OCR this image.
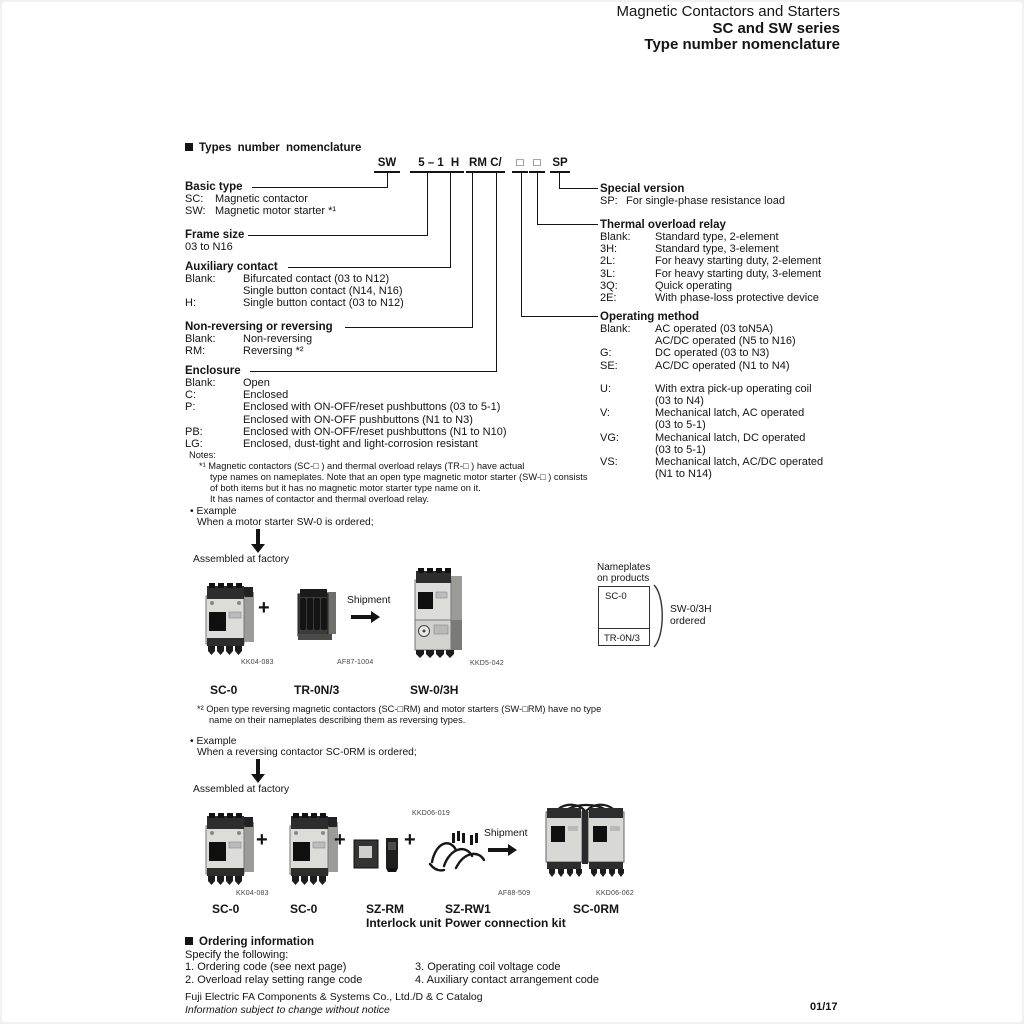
Magnetic Contactors and Starters
SC and SW series
Type number nomenclature
Types number nomenclature
SW	5 – 1 H RM C/	□ □	SP
Basic type
SC:	Magnetic contactor
SW: Magnetic motor starter *¹
Frame size
03 to N16
Auxiliary contact
Blank:	Bifurcated contact (03 to N12)
Single button contact (N14, N16)
H:	Single button contact (03 to N12)
Non-reversing or reversing
Blank:	Non-reversing
RM:	Reversing *²
Enclosure
Blank:	Open
C:	Enclosed
P:	Enclosed with ON-OFF/reset pushbuttons (03 to 5-1)
Enclosed with ON-OFF pushbuttons (N1 to N3)
PB:	Enclosed with ON-OFF/reset pushbuttons (N1 to N10)
LG:	Enclosed, dust-tight and light-corrosion resistant
Notes:
*¹ Magnetic contactors (SC-□ ) and thermal overload relays (TR-□ ) have actual
type names on nameplates. Note that an open type magnetic motor starter (SW-□ ) consists
of both items but it has no magnetic motor starter type name on it.
It has names of contactor and thermal overload relay.
Special version
SP: For single-phase resistance load
Thermal overload relay
Blank:	Standard type, 2-element
3H:	Standard type, 3-element
2L:	For heavy starting duty, 2-element
3L:	For heavy starting duty, 3-element
3Q:	Quick operating
2E:	With phase-loss protective device
Operating method
Blank:	AC operated (03 toN5A)
AC/DC operated (N5 to N16)
G:	DC operated (03 to N3)
SE:	AC/DC operated (N1 to N4)
U:	With extra pick-up operating coil
(03 to N4)
V:	Mechanical latch, AC operated
(03 to 5-1)
VG:	Mechanical latch, DC operated
(03 to 5-1)
VS:	Mechanical latch, AC/DC operated
(N1 to N14)
• Example
When a motor starter SW-0 is ordered;
Assembled at factory
+	Shipment
KK04-083	AF87-1004	KKD5-042
SC-0	TR-0N/3	SW-0/3H
Nameplates
on products
SC-0
TR-0N/3
SW-0/3H
ordered
*² Open type reversing magnetic contactors (SC-□RM) and motor starters (SW-□RM) have no type
name on their nameplates describing them as reversing types.
• Example
When a reversing contactor SC-0RM is ordered;
Assembled at factory
+	+	+
KKD06-019
Shipment
KK04-083	AF88-509	KKD06-062
SC-0	SC-0	SZ-RM
Interlock unit
SZ-RW1
Power connection kit
SC-0RM
Ordering information
Specify the following:
1. Ordering code (see next page)
2. Overload relay setting range code
3. Operating coil voltage code
4. Auxiliary contact arrangement code
Fuji Electric FA Components & Systems Co., Ltd./D & C Catalog
Information subject to change without notice	01/17
